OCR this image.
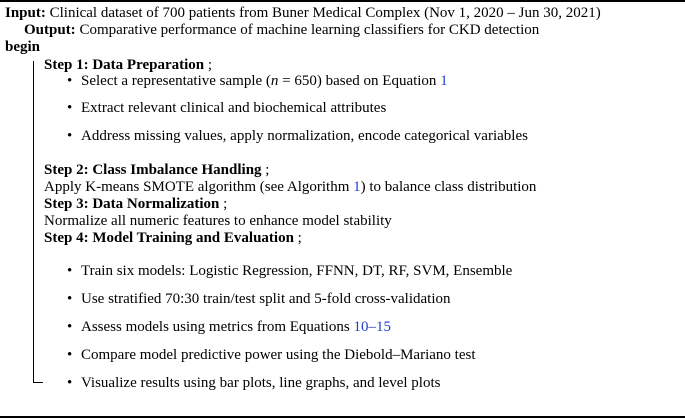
Input: Clinical dataset of 700 patients from Buner Medical Complex (Nov 1, 2020 – Jun 30, 2021)
Output: Comparative performance of machine learning classifiers for CKD detection
begin
Step 1: Data Preparation ;
• Select a representative sample (n = 650) based on Equation 1
• Extract relevant clinical and biochemical attributes
• Address missing values, apply normalization, encode categorical variables
Step 2: Class Imbalance Handling ;
Apply K-means SMOTE algorithm (see Algorithm 1) to balance class distribution
Step 3: Data Normalization ;
Normalize all numeric features to enhance model stability
Step 4: Model Training and Evaluation ;
• Train six models: Logistic Regression, FFNN, DT, RF, SVM, Ensemble
• Use stratified 70:30 train/test split and 5-fold cross-validation
• Assess models using metrics from Equations 10–15
• Compare model predictive power using the Diebold–Mariano test
• Visualize results using bar plots, line graphs, and level plots
